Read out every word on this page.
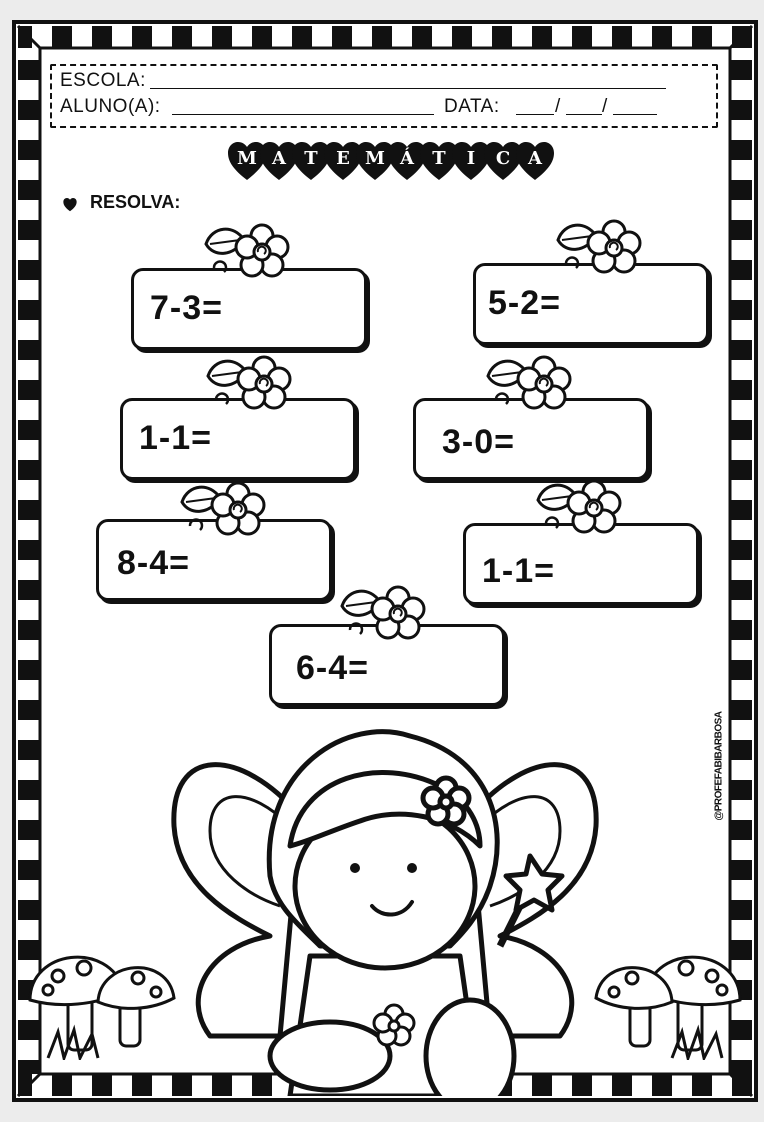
ESCOLA:
ALUNO(A):	DATA:	/ /
M A	T	E M Á	T	I	C A
RESOLVA:
7-3=	5-2=
1-1=	3-0=
8-4=	1-1=
6-4=
@PROFEFABIBARBOSA
